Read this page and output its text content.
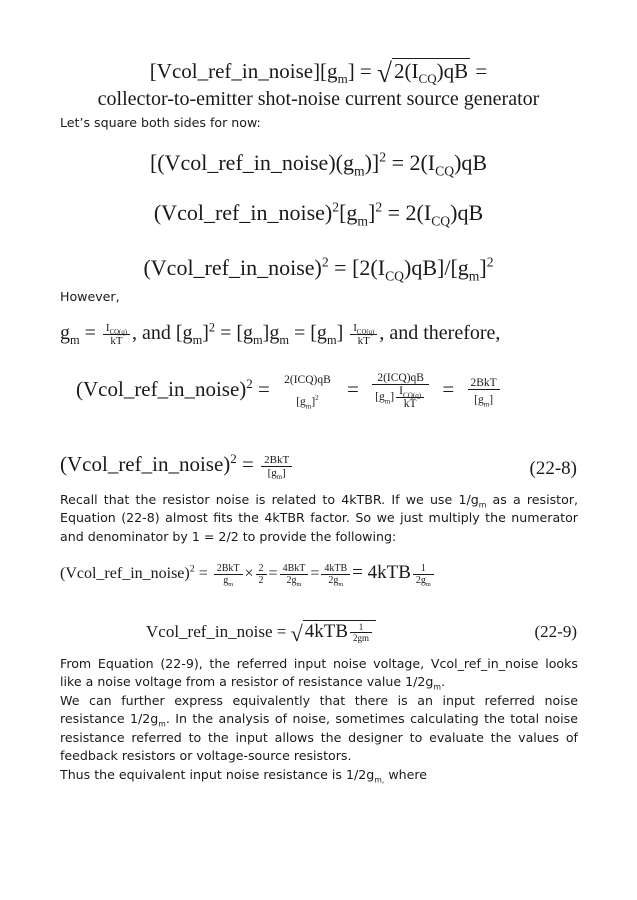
$[Vcol\_ref\_in\_noise][g_m] = √2(I_{CQ})qB$ =
collector-to-emitter shot-noise current source generator
Let’s square both sides for now:
$[(Vcol\_ref\_in\_noise)(g_m)]^2 = 2(I_{CQ})qB$
$(Vcol\_ref\_in\_noise)^2[g_m]^2 = 2(I_{CQ})qB$
(Vcol_ref_in_noise)$^2$ = $[2(I_{CQ})qB]/[g_m]^2$
However,
$g_m = \frac{I_{CQ(q)}}{kT}$ , and $[g_m]^2 = [g_m]g_m = [g_m] \frac{I_{CQ(q)}}{kT}$ , and therefore,
(Vcol_ref_in_noise)$^2$ = 2(ICQ)qB
$[g_m]^2$	= $\frac{\text{2(ICQ)qB}}{[g_m] \frac{I_{CQ(q)}}{kT}} = \frac{\text{2BkT}}{[g_m]}$
(Vcol_ref_in_noise)$^2$ = $\frac{\text{2BkT}}{[g_m]}$	(22-8)
Recall that the resistor noise is related to 4kTBR. If we use $1/g_m$ as a resistor, Equation (22-8) almost fits the 4kTBR factor. So we just multiply the numerator and denominator by 1 = 2/2 to provide the following:
(Vcol_ref_in_noise)$^2$ = $\frac{\text{2BkT}}{g_m} \times \frac{2}{2} = \frac{\text{4BkT}}{2g_m} = \frac{\text{4kTB}}{2g_m} = 4kTB \frac{1}{2g_m}$
Vcol_ref_in_noise = √ $4kTB \frac{1}{2gm}$	(22-9)
From Equation (22-9), the referred input noise voltage, Vcol_ref_in_noise looks like a noise voltage from a resistor of resistance value $1/2g_m$.
We can further express equivalently that there is an input referred noise resistance $1/2g_m$. In the analysis of noise, sometimes calculating the total noise resistance referred to the input allows the designer to evaluate the values of feedback resistors or voltage-source resistors.
Thus the equivalent input noise resistance is $1/2g_{m,}$ where
